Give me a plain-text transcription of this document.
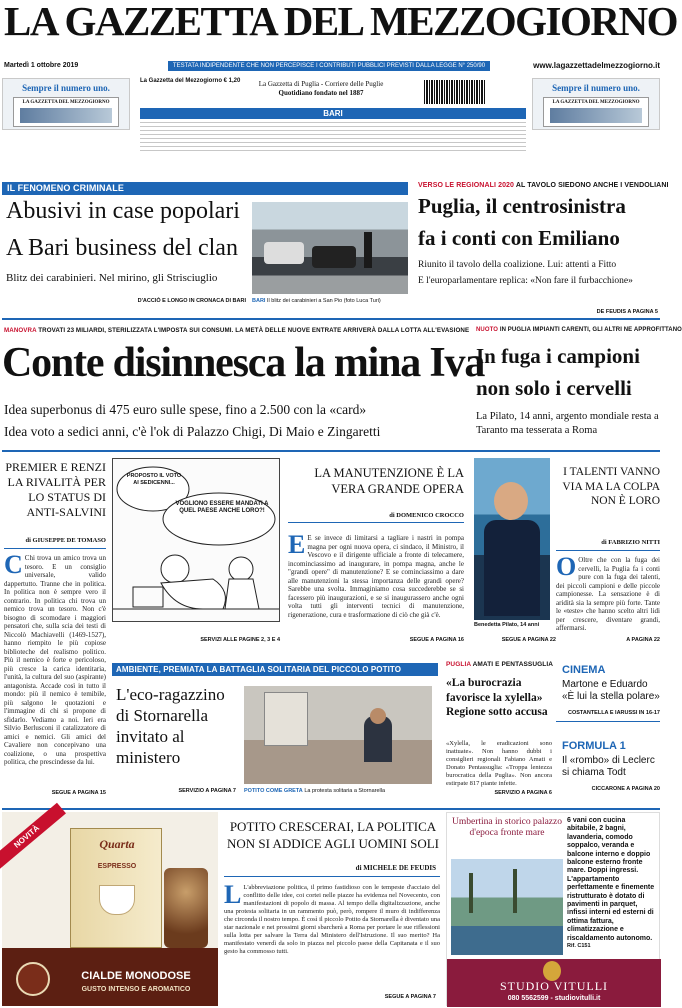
LA GAZZETTA DEL MEZZOGIORNO
Martedì 1 ottobre 2019	TESTATA INDIPENDENTE CHE NON PERCEPISCE I CONTRIBUTI PUBBLICI PREVISTI DALLA LEGGE N° 250/90	www.lagazzettadelmezzogiorno.it
Sempre il numero uno.
LA GAZZETTA DEL MEZZOGIORNO
La Gazzetta del Mezzogiorno € 1,20	La Gazzetta di Puglia - Corriere delle Puglie
Quotidiano fondato nel 1887
BARI
Sempre il numero uno.
LA GAZZETTA DEL MEZZOGIORNO
IL FENOMENO CRIMINALE
Abusivi in case popolari
A Bari business del clan
Blitz dei carabinieri. Nel mirino, gli Strisciuglio
D'ACCIÒ E LONGO IN CRONACA DI BARI BARI Il blitz dei carabinieri a San Pio (foto Luca Turi)
VERSO LE REGIONALI 2020 AL TAVOLO SIEDONO ANCHE I VENDOLIANI
Puglia, il centrosinistra
fa i conti con Emiliano
Riunito il tavolo della coalizione. Lui: attenti a Fitto
E l'europarlamentare replica: «Non fare il furbacchione»
DE FEUDIS A PAGINA 5
MANOVRA TROVATI 23 MILIARDI, STERILIZZATA L'IMPOSTA SUI CONSUMI. LA METÀ DELLE NUOVE ENTRATE ARRIVERÀ DALLA LOTTA ALL'EVASIONE
Conte disinnesca la mina Iva
Idea superbonus di 475 euro sulle spese, fino a 2.500 con la «card»
Idea voto a sedici anni, c'è l'ok di Palazzo Chigi, Di Maio e Zingaretti
NUOTO IN PUGLIA IMPIANTI CARENTI, GLI ALTRI NE APPROFITTANO
In fuga i campioni
non solo i cervelli
La Pilato, 14 anni, argento mondiale resta a Taranto ma tesserata a Roma
PREMIER E RENZI LA RIVALITÀ PER LO STATUS DI ANTI-SALVINI
di GIUSEPPE DE TOMASO
C Chi trova un amico trova un tesoro. E un consiglio universale, valido dappertutto. Tranne che in politica. In politica non è sempre vero il contrario. In politica chi trova un nemico trova un tesoro. Non c'è bisogno di scomodare i maggiori pensatori che, sulla scia dei testi di Niccolò Machiavelli (1469-1527), hanno riempito le più copiose biblioteche del realismo politico. Più il nemico è forte e pericoloso, più cresce la carica identitaria, l'unità, la cultura del suo (aspirante) antagonista. Accade così in tutto il mondo: più il nemico è temibile, più salgono le quotazioni e l'immagine di chi si propone di sfidarlo. Vediamo a noi. Ieri era Silvio Berlusconi il catalizzatore di amici e nemici. Gli amici del Cavaliere non concepivano una coalizione, o una prospettiva politica, che prescindesse da lui.
SEGUE A PAGINA 15
PROPOSTO IL VOTO AI SEDICENNI...
VOGLIONO ESSERE MANDATI A QUEL PAESE ANCHE LORO?!
SERVIZI ALLE PAGINE 2, 3 E 4
LA MANUTENZIONE È LA VERA GRANDE OPERA
di DOMENICO CROCCO
E E se invece di limitarsi a tagliare i nastri in pompa magna per ogni nuova opera, ci sindaco, il Ministro, il Vescovo e il dirigente ufficiale a fronte di telecamere, incominciassimo ad inaugurare, in pompa magna, anche le "grandi opere" di manutenzione? E se cominciassimo a dare alle manutenzioni la stessa importanza delle grandi opere? Sarebbe una svolta. Immaginiamo cosa succederebbe se si facessero più inaugurazioni, e se si inaugurassero anche ogni volta tutti gli interventi tecnici di manutenzione, rigenerazione, cura e trasformazione di ciò che già c'è.
SEGUE A PAGINA 16
Benedetta Pilato, 14 anni
SEGUE A PAGINA 22
I TALENTI VANNO VIA MA LA COLPA NON È LORO
di FABRIZIO NITTI
O Oltre che con la fuga dei cervelli, la Puglia fa i conti pure con la fuga dei talenti, dei piccoli campioni e delle piccole campionesse. La sensazione è di aridità sia la sempre più forte. Tante le «teste» che hanno scelto altri lidi per crescere, diventare grandi, affermarsi.
A PAGINA 22
AMBIENTE, PREMIATA LA BATTAGLIA SOLITARIA DEL PICCOLO POTITO
L'eco-ragazzino di Stornarella invitato al ministero
SERVIZIO A PAGINA 7 POTITO COME GRETA La protesta solitaria a Stornarella
PUGLIA AMATI E PENTASSUGLIA
«La burocrazia favorisce la xylella» Regione sotto accusa
«Xylella, le eradicazioni sono inattuate». Non hanno dubbi i consiglieri regionali Fabiano Amati e Donato Pentassuglia: «Troppa lentezza burocratica della Puglia». Non ancora estirpate 817 piante infette.
SERVIZIO A PAGINA 6
CINEMA
Martone e Eduardo «È lui la stella polare»
COSTANTELLA E IARUSSI IN 16-17
FORMULA 1
Il «rombo» di Leclerc si chiama Todt
CICCARONE A PAGINA 20
NOVITÀ	Quarta
ESPRESSO
CIALDE MONODOSE
GUSTO INTENSO E AROMATICO
POTITO CRESCERAI, LA POLITICA NON SI ADDICE AGLI UOMINI SOLI
di MICHELE DE FEUDIS
L L'abbreviazione politica, il primo fastidioso con le tempeste d'acciaio del conflitto delle idee, coi cortei nelle piazze ha evidenza nel Novecento, con manifestazioni di popolo di massa. Al tempo della digitalizzazione, anche una protesta solitaria in un rammento può, però, rompere il muro di indifferenza che circonda il nostro tempo. È così il piccolo Potito da Stornarella è diventato una star nazionale e nei prossimi giorni sbarcherà a Roma per portare le sue riflessioni sulla lotta per salvare la Terra dal Ministero dell'Istruzione. Il suo merito? Ha manifestato venerdì da solo in piazza nel piccolo paese della Capitanata e il suo gesto ha commosso tutti.
SEGUE A PAGINA 7
Umbertina in storico palazzo d'epoca fronte mare
6 vani con cucina abitabile, 2 bagni, lavanderia, comodo soppalco, veranda e balcone interno e doppio balcone esterno fronte mare. Doppi ingressi. L'appartamento perfettamente e finemente ristrutturato è dotato di pavimenti in parquet, infissi interni ed esterni di ottima fattura, climatizzazione e riscaldamento autonomo.
Rif. C151
STUDIO VITULLI
080 5562599 - studiovitulli.it
